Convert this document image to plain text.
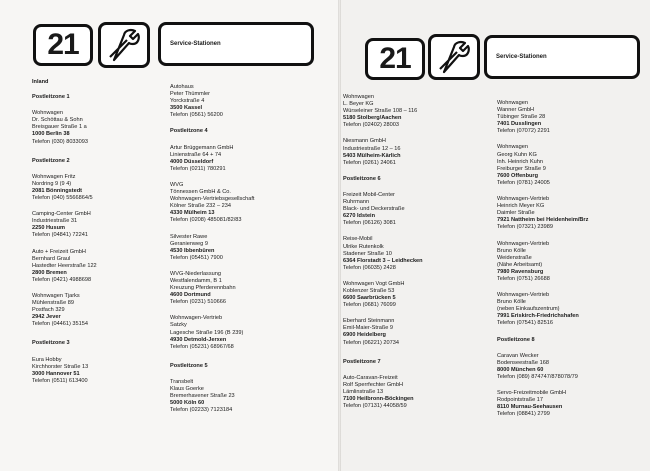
21	Service-Stationen	21	Service-Stationen
Inland
Postleitzone 1
Wohnwagen
Dr. Schöttau & Sohn
Breisgauer Straße 1 a
1000 Berlin 38
Telefon (030) 8033093
Postleitzone 2
Wohnwagen Fritz
Nordring 9 (9 4)
2081 Bönningstedt
Telefon (040) 5566864/5
Camping-Center GmbH
Industriestraße 31
2250 Husum
Telefon (04841) 72241
Auto + Freizeit GmbH
Bernhard Graul
Hastedter Heerstraße 122
2800 Bremen
Telefon (0421) 4988698
Wohnwagen Tjarks
Mühlenstraße 89
Postfach 329
2942 Jever
Telefon (04461) 35154
Postleitzone 3
Eura Hobby
Kirchhorster Straße 13
3000 Hannover 51
Telefon (0511) 613400
Autohaus
Peter Thümmler
Yorckstraße 4
3500 Kassel
Telefon (0561) 56200
Postleitzone 4
Artur Brüggemann GmbH
Linienstraße 64 + 74
4000 Düsseldorf
Telefon (0211) 780291
WVG
Tönnessen GmbH & Co.
Wohnwagen-Vertriebsgesellschaft
Kölner Straße 232 – 234
4330 Mülheim 13
Telefon (0208) 485081/82/83
Silvester Rawe
Geranienweg 9
4530 Ibbenbüren
Telefon (05451) 7900
WVG-Niederlassung
Westfalendamm, B 1
Kreuzung Pferderennbahn
4600 Dortmund
Telefon (0231) 510666
Wohnwagen-Vertrieb
Satzky
Lagesche Straße 196 (B 239)
4930 Detmold-Jerxen
Telefon (05231) 68967/68
Postleitzone 5
Transbelt
Klaus Goerke
Bremerhavener Straße 23
5000 Köln 60
Telefon (02233) 7123184
Wohnwagen
L. Beyer KG
Würseleiner Straße 108 – 116
5180 Stolberg/Aachen
Telefon (02402) 28003
Niesmann GmbH
Industriestraße 12 – 16
5403 Mülheim-Kärlich
Telefon (0261) 24061
Postleitzone 6
Freizeit Mobil-Center
Ruhrmann
Black- und Deckerstraße
6270 Idstein
Telefon (06126) 3081
Reise-Mobil
Ulrike Rutenkolk
Stadener Straße 10
6364 Florstadt 3 – Leidhecken
Telefon (06035) 2428
Wohnwagen Vogt GmbH
Koblenzer Straße 53
6600 Saarbrücken 5
Telefon (0681) 76099
Eberhard Steinmann
Emil-Maier-Straße 9
6900 Heidelberg
Telefon (06221) 20734
Postleitzone 7
Auto-Caravan-Freizeit
Rolf Sperrfechter GmbH
Lämlinstraße 13
7100 Heilbronn-Böckingen
Telefon (07131) 44058/59
Wohnwagen
Wanner GmbH
Tübinger Straße 28
7401 Dusslingen
Telefon (07072) 2291
Wohnwagen
Georg Kuhn KG
Inh. Heinrich Kuhn
Freiburger Straße 9
7600 Offenburg
Telefon (0781) 24005
Wohnwagen-Vertrieb
Heinrich Meyer KG
Daimler Straße
7921 Nattheim bei Heidenheim/Brz
Telefon (07321) 23989
Wohnwagen-Vertrieb
Bruno Kölle
Weidenstraße
(Nähe Arbeitsamt)
7980 Ravensburg
Telefon (0751) 26688
Wohnwagen-Vertrieb
Bruno Kölle
(neben Einkaufszentrum)
7991 Eriskirch-Friedrichshafen
Telefon (07541) 82516
Postleitzone 8
Caravan Wecker
Bodenseestraße 168
8000 München 60
Telefon (089) 874747/878078/79
Servo-Freizeitmobile GmbH
Rodpointstraße 17
8110 Murnau-Seehausen
Telefon (08841) 2799
